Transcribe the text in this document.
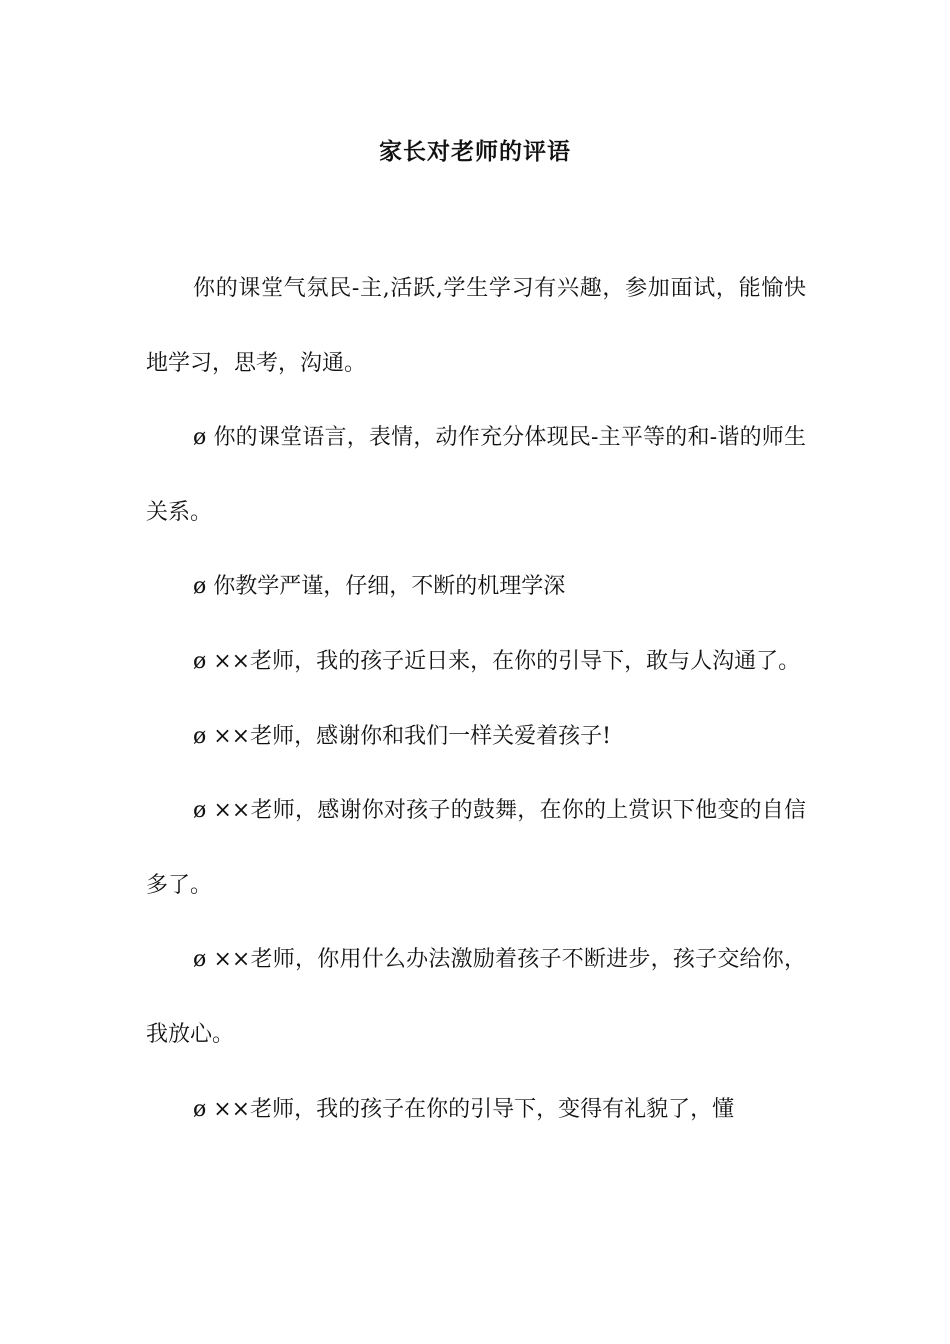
家长对老师的评语

你的课堂气氛民-主,活跃,学生学习有兴趣，参加面试，能愉快地学习，思考，沟通。

ø 你的课堂语言，表情，动作充分体现民-主平等的和-谐的师生关系。

ø 你教学严谨，仔细，不断的机理学深

ø ××老师，我的孩子近日来，在你的引导下，敢与人沟通了。

ø ××老师，感谢你和我们一样关爱着孩子!

ø ××老师，感谢你对孩子的鼓舞，在你的上赏识下他变的自信多了。

ø ××老师，你用什么办法激励着孩子不断进步，孩子交给你，我放心。

ø ××老师，我的孩子在你的引导下，变得有礼貌了，懂
